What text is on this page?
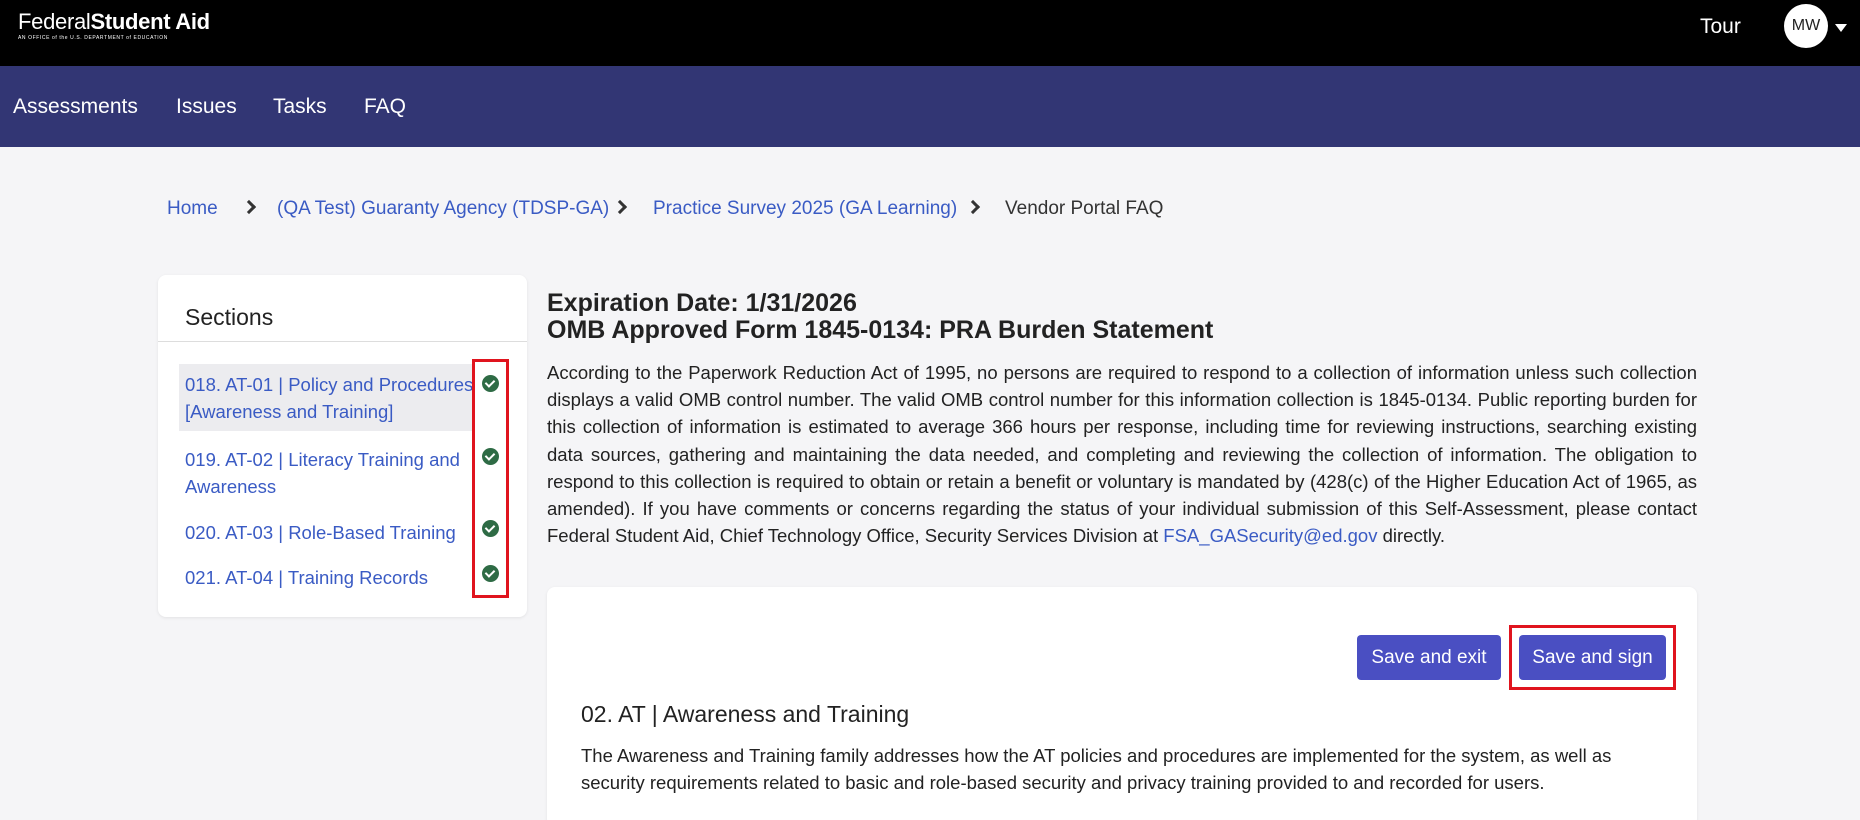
FederalStudent Aid
AN OFFICE of the U.S. DEPARTMENT of EDUCATION	Tour	MW
Assessments Issues Tasks FAQ
Home	(QA Test) Guaranty Agency (TDSP-GA) Practice Survey 2025 (GA Learning)	Vendor Portal FAQ
Sections
018. AT-01 | Policy and Procedures
[Awareness and Training]
019. AT-02 | Literacy Training and
Awareness
020. AT-03 | Role-Based Training
021. AT-04 | Training Records
Expiration Date: 1/31/2026
OMB Approved Form 1845-0134: PRA Burden Statement
According to the Paperwork Reduction Act of 1995, no persons are required to respond to a collection of information unless such collection displays a valid OMB control number. The valid OMB control number for this information collection is 1845-0134. Public reporting burden for this collection of information is estimated to average 366 hours per response, including time for reviewing instructions, searching existing data sources, gathering and maintaining the data needed, and completing and reviewing the collection of information. The obligation to respond to this collection is required to obtain or retain a benefit or voluntary is mandated by (428(c) of the Higher Education Act of 1965, as amended). If you have comments or concerns regarding the status of your individual submission of this Self-Assessment, please contact Federal Student Aid, Chief Technology Office, Security Services Division at FSA_GASecurity@ed.gov directly.
Save and exit	Save and sign
02. AT | Awareness and Training
The Awareness and Training family addresses how the AT policies and procedures are implemented for the system, as well as security requirements related to basic and role-based security and privacy training provided to and recorded for users.
